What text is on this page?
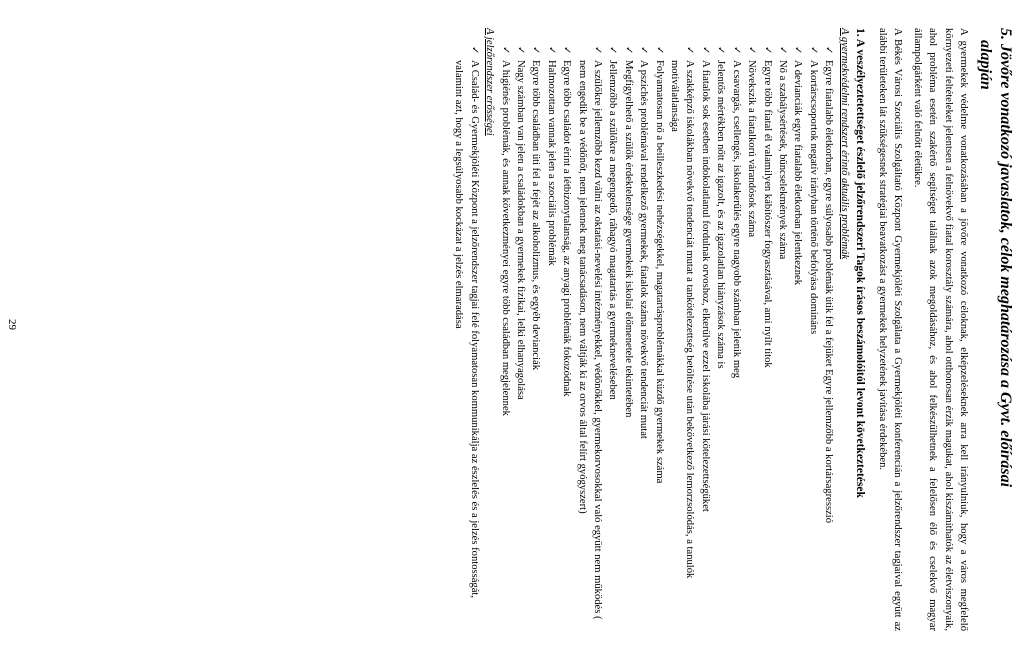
5. Jövőre vonatkozó javaslatok, célok meghatározása a Gyvt. előírásai
alapján

A gyermekek védelme vonatkozásában a jövőre vonatkozó céloknak, elképzeléseknek arra kell irányulniuk, hogy a város megfelelő környezeti feltételeket jelentsen a felnövekvő fiatal korosztály számára, ahol otthonosan érzik magukat, ahol kiszámíthatók az életviszonyaik, ahol probléma esetén szakértő segítséget találnak azok megoldásához, és ahol felkészülhetnek a felelősen élő és cselekvő magyar állampolgárként való felnőtt életükre.

A Békés Városi Szociális Szolgáltató Központ Gyermekjóléti Szolgálata a Gyermekjóléti konferencián a jelzőrendszer tagjaival együtt az alábbi területeken lát szükségesnek stratégiai beavatkozást a gyermekek helyzetének javítása érdekében.

1. A veszélyeztetettséget észlelő jelzőrendszeri Tagok írásos beszámolóitól levont következtetések
A gyermekvédelmi rendszert érintő aktuális problémák
✓
Egyre fiatalabb életkorban, egyre súlyosabb problémák ütik fel a fejüket Egyre jellemzőbb a kortársagresszió
✓
A kortárscsoportok negatív irányban történő befolyása domináns
✓
A devianciák egyre fiatalabb életkorban jelentkeznek
✓
Nő a szabálysértések, bűncselekmények száma
✓
Egyre több fiatal él valamilyen kábítószer fogyasztásával, ami nyílt titok
✓
Növekszik a fiatalkorú várandósok száma
✓
A csavargás, csellengés, iskolakerülés egyre nagyobb számban jelenik meg
✓
Jelentős mértékben nőtt az igazolt, és az igazolatlan hiányzások száma is
✓
A fiatalok sok esetben indokolatlanul fordulnak orvoshoz, elkerülve ezzel iskolába járási kötelezettségüket
✓
A szakképző iskolákban növekvő tendenciát mutat a tankötelezettség betöltése után bekövetkező lemorzsolódás, a tanulók motiválatlansága
✓
Folyamatosan nő a beilleszkedési nehézségekkel, magatartásproblémákkal küzdő gyermekek száma
✓
A pszichés problémával rendelkező gyermekek, fiatalok száma növekvő tendenciát mutat
✓
Megfigyelhető a szülők érdektelensége gyermekeik iskolai előmenetele tekintetében
✓
Jellemzőbb a szülőkre a megengedő, ráhagyó magatartás a gyermekneveléseben
✓
A szülőkre jellemzőbb kezd válni az oktatási-nevelési intézményekkel, védőnőkkel, gyermekorvosokkal való együtt nem működés ( nem engedik be a védőnőt, nem jelennek meg tanácsadáson, nem váltják ki az orvos által felírt gyógyszert)
✓
Egyre több családot érint a létbizonytalanság, az anyagi problémák fokozódnak
✓
Halmozottan vannak jelen a szociális problémák
✓
Egyre több családban üti fel a fejét az alkoholizmus, és egyéb devianciák
✓
Nagy számban van jelen a családokban a gyermekek fizikai, lelki elhanyagolása
✓
A higiénés problémák, és annak következményei egyre több családban megjelennek
A jelzőrendszer erősségei
✓
A Család- és Gyermekjóléti Központ a jelzőrendszer tagjai felé folyamatosan kommunikálja az észlelés és a jelzés fontosságát, valamint azt, hogy a legsúlyosabb kockázat a jelzés elmaradása
29
